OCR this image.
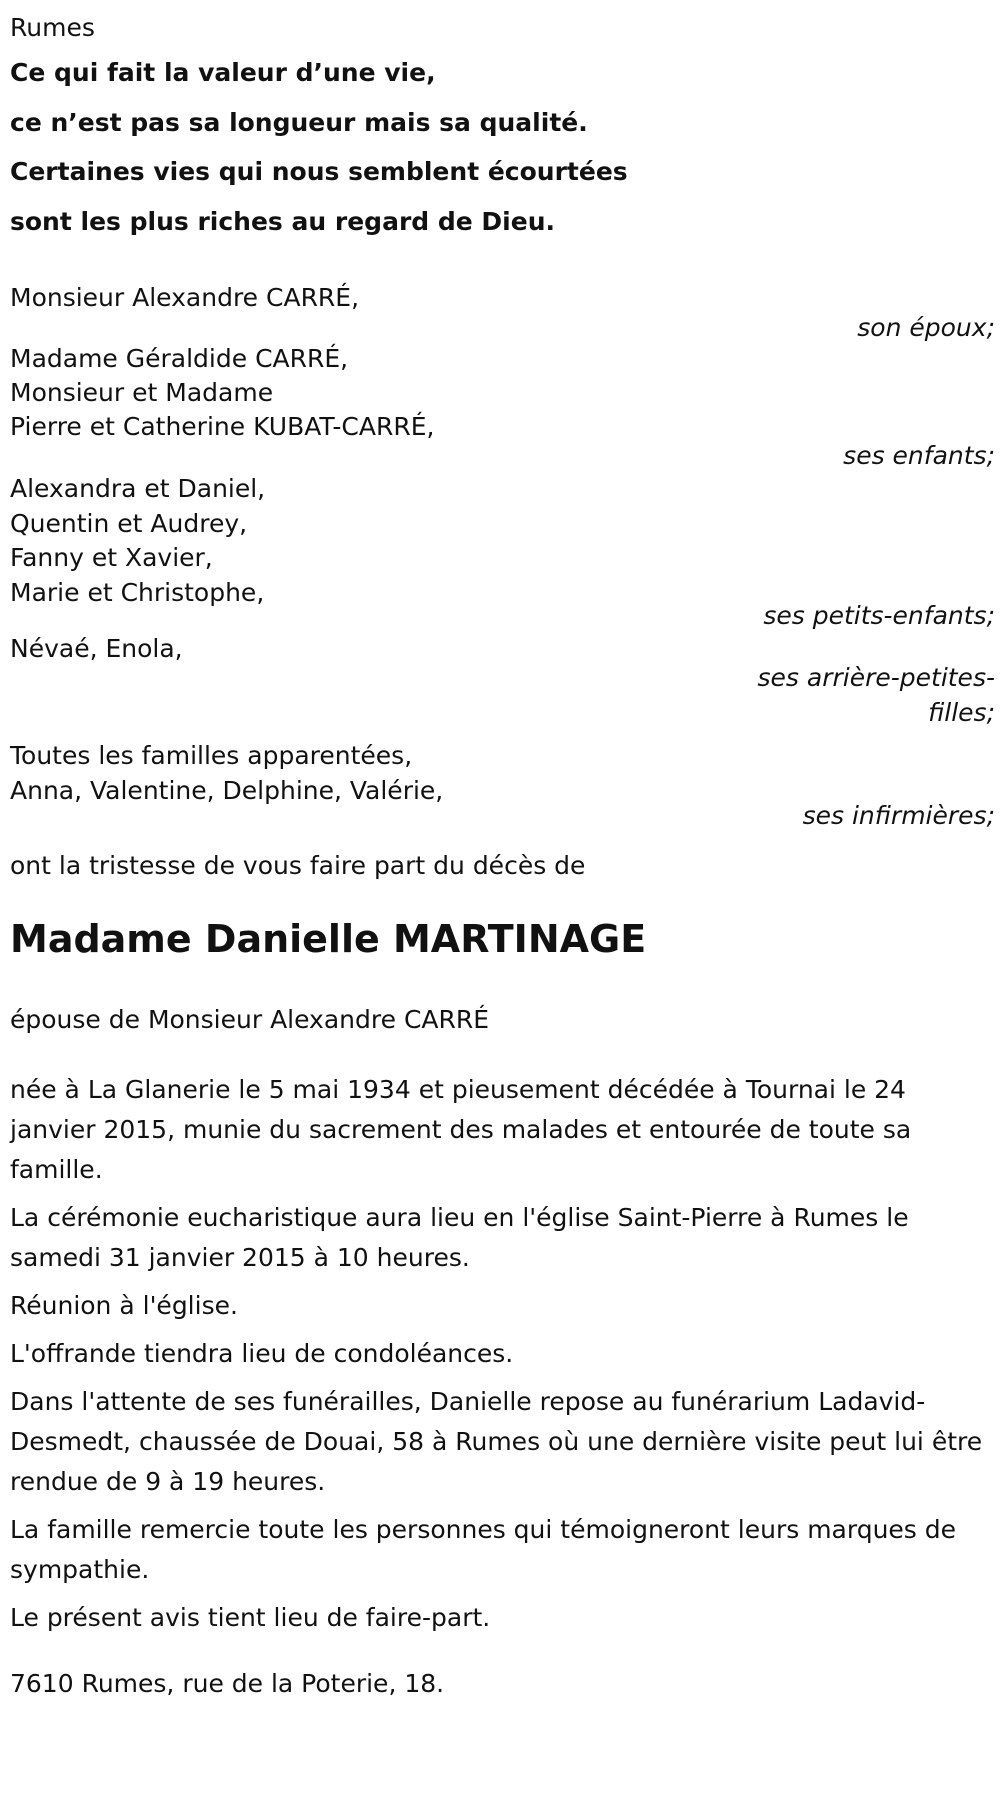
Rumes
Ce qui fait la valeur d’une vie,
ce n’est pas sa longueur mais sa qualité.
Certaines vies qui nous semblent écourtées
sont les plus riches au regard de Dieu.
Monsieur Alexandre CARRÉ,
son époux;
Madame Géraldide CARRÉ,
Monsieur et Madame
Pierre et Catherine KUBAT-CARRÉ,
ses enfants;
Alexandra et Daniel,
Quentin et Audrey,
Fanny et Xavier,
Marie et Christophe,
ses petits-enfants;
Névaé, Enola,
ses arrière-petites-
filles;
Toutes les familles apparentées,
Anna, Valentine, Delphine, Valérie,
ses infirmières;
ont la tristesse de vous faire part du décès de
Madame Danielle MARTINAGE
épouse de Monsieur Alexandre CARRÉ

née à La Glanerie le 5 mai 1934 et pieusement décédée à Tournai le 24 janvier 2015, munie du sacrement des malades et entourée de toute sa famille.

La cérémonie eucharistique aura lieu en l'église Saint-Pierre à Rumes le samedi 31 janvier 2015 à 10 heures.

Réunion à l'église.

L'offrande tiendra lieu de condoléances.

Dans l'attente de ses funérailles, Danielle repose au funérarium Ladavid-Desmedt, chaussée de Douai, 58 à Rumes où une dernière visite peut lui être rendue de 9 à 19 heures.

La famille remercie toute les personnes qui témoigneront leurs marques de sympathie.

Le présent avis tient lieu de faire-part.

7610 Rumes, rue de la Poterie, 18.
